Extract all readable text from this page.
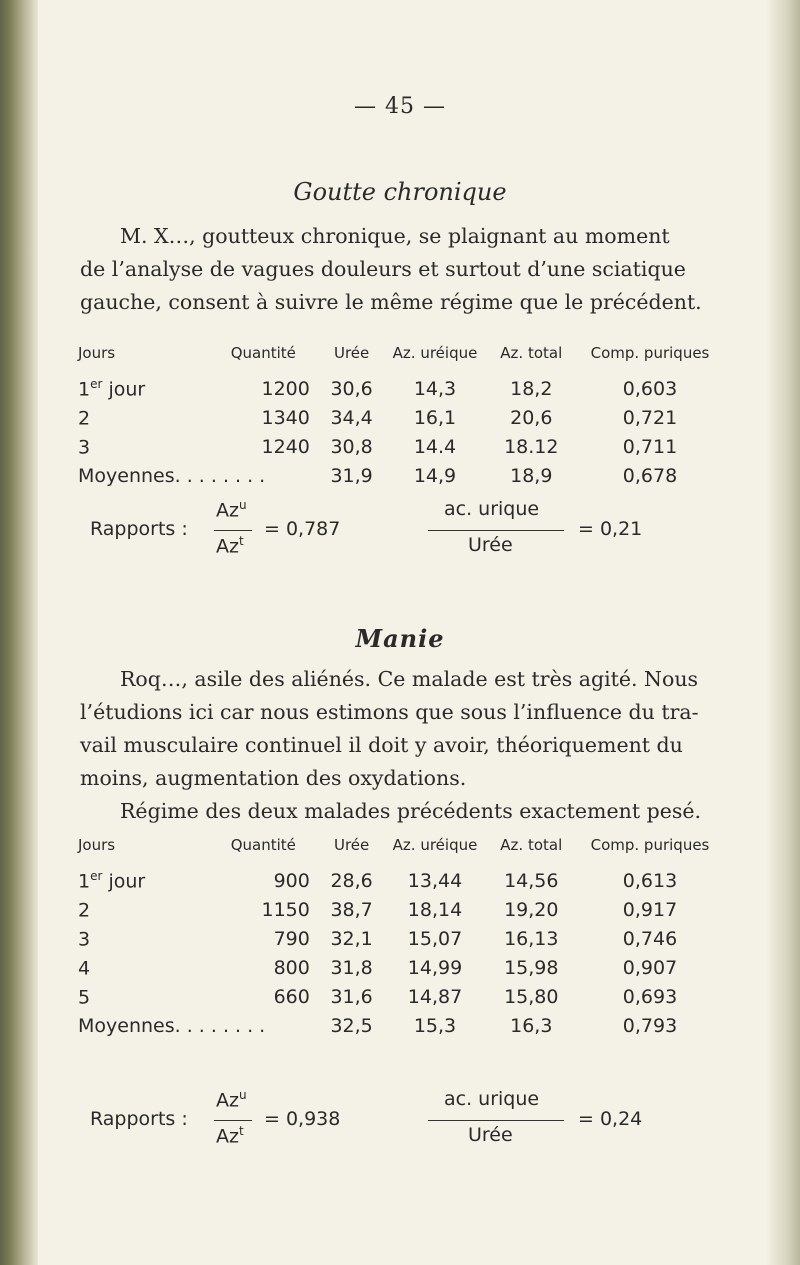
— 45 —
Goutte chronique
M. X…, goutteux chronique, se plaignant au moment
de l’analyse de vagues douleurs et surtout d’une sciatique
gauche, consent à suivre le même régime que le précédent.
Jours	Quantité	Urée	Az. uréique	Az. total	Comp. puriques
1er jour	1200	30,6	14,3	18,2	0,603
2	1340	34,4	16,1	20,6	0,721
3	1240	30,8	14.4	18.12	0,711
Moyennes. . . . . . . .		31,9	14,9	18,9	0,678
Rapports :
Az$^u$
$Az^t$
= 0,787
ac. urique
Urée
= 0,21
Manie
Roq…, asile des aliénés. Ce malade est très agité. Nous
l’étudions ici car nous estimons que sous l’influence du tra-
vail musculaire continuel il doit y avoir, théoriquement du
moins, augmentation des oxydations.
Régime des deux malades précédents exactement pesé.
Jours	Quantité	Urée	Az. uréique	Az. total	Comp. puriques
1er jour	900	28,6	13,44	14,56	0,613
2	1150	38,7	18,14	19,20	0,917
3	790	32,1	15,07	16,13	0,746
4	800	31,8	14,99	15,98	0,907
5	660	31,6	14,87	15,80	0,693
Moyennes. . . . . . . .		32,5	15,3	16,3	0,793
Rapports :
Az$^u$
$Az^t$
= 0,938
ac. urique
Urée
= 0,24
